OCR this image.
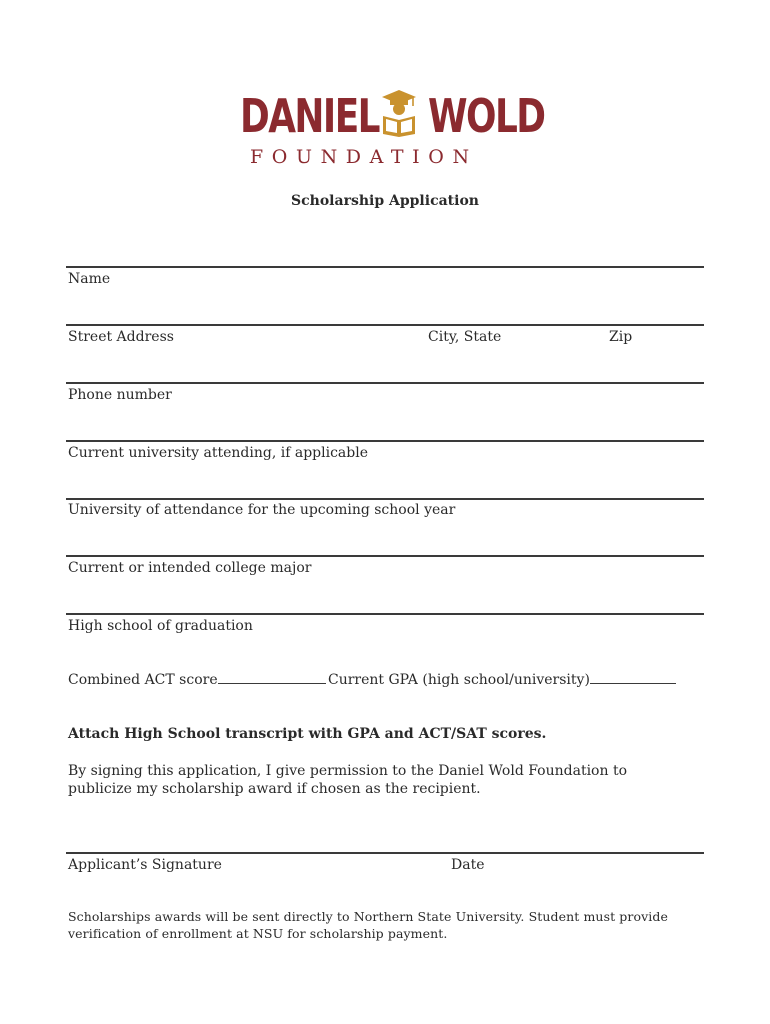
DANIEL WOLD
FOUNDATION
Scholarship Application
Name
Street Address	City, State	Zip
Phone number
Current university attending, if applicable
University of attendance for the upcoming school year
Current or intended college major
High school of graduation
Combined ACT score	Current GPA (high school/university)
Attach High School transcript with GPA and ACT/SAT scores.
By signing this application, I give permission to the Daniel Wold Foundation to publicize my scholarship award if chosen as the recipient.
Applicant’s Signature	Date
Scholarships awards will be sent directly to Northern State University. Student must provide verification of enrollment at NSU for scholarship payment.
